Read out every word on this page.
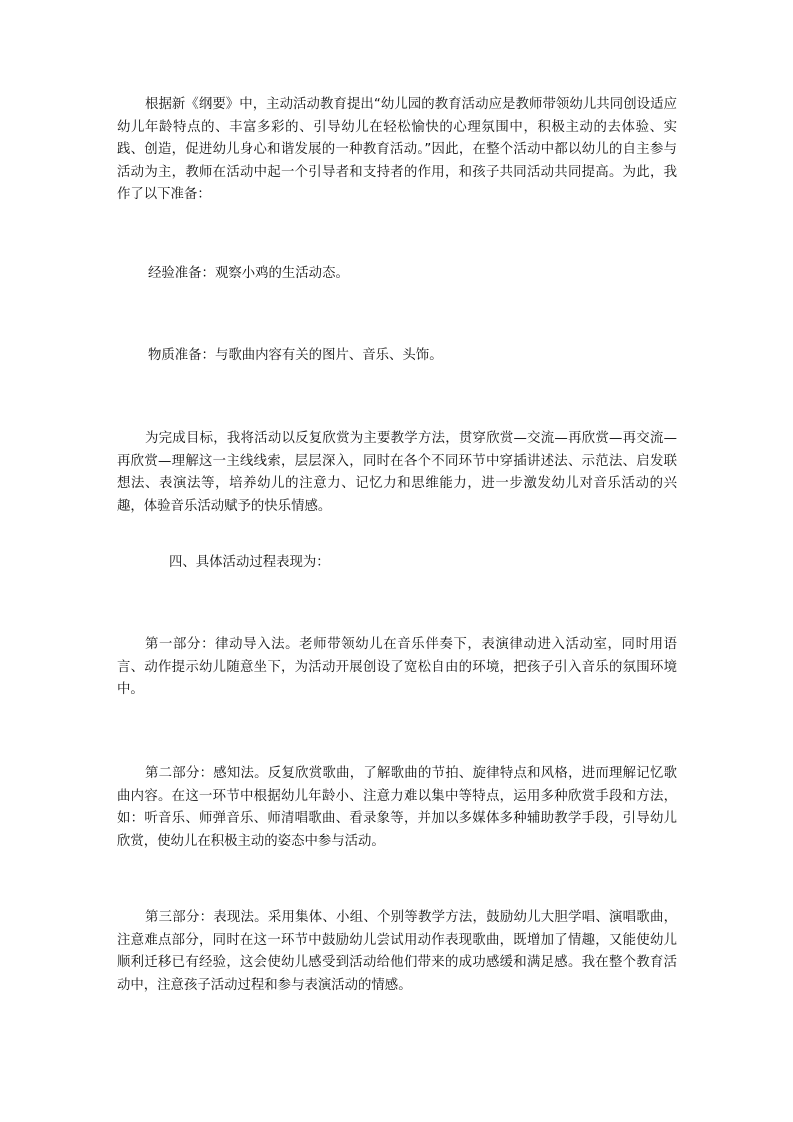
根据新《纲要》中，主动活动教育提出“幼儿园的教育活动应是教师带领幼儿共同创设适应幼儿年龄特点的、丰富多彩的、引导幼儿在轻松愉快的心理氛围中，积极主动的去体验、实践、创造，促进幼儿身心和谐发展的一种教育活动。”因此，在整个活动中都以幼儿的自主参与活动为主，教师在活动中起一个引导者和支持者的作用，和孩子共同活动共同提高。为此，我作了以下准备：

经验准备：观察小鸡的生活动态。

物质准备：与歌曲内容有关的图片、音乐、头饰。

为完成目标，我将活动以反复欣赏为主要教学方法，贯穿欣赏—交流—再欣赏—再交流—再欣赏—理解这一主线线索，层层深入，同时在各个不同环节中穿插讲述法、示范法、启发联想法、表演法等，培养幼儿的注意力、记忆力和思维能力，进一步激发幼儿对音乐活动的兴趣，体验音乐活动赋予的快乐情感。

四、具体活动过程表现为：

第一部分：律动导入法。老师带领幼儿在音乐伴奏下，表演律动进入活动室，同时用语言、动作提示幼儿随意坐下，为活动开展创设了宽松自由的环境，把孩子引入音乐的氛围环境中。

第二部分：感知法。反复欣赏歌曲，了解歌曲的节拍、旋律特点和风格，进而理解记忆歌曲内容。在这一环节中根据幼儿年龄小、注意力难以集中等特点，运用多种欣赏手段和方法，如：听音乐、师弹音乐、师清唱歌曲、看录象等，并加以多媒体多种辅助教学手段，引导幼儿欣赏，使幼儿在积极主动的姿态中参与活动。

第三部分：表现法。采用集体、小组、个别等教学方法，鼓励幼儿大胆学唱、演唱歌曲，注意难点部分，同时在这一环节中鼓励幼儿尝试用动作表现歌曲，既增加了情趣，又能使幼儿顺利迁移已有经验，这会使幼儿感受到活动给他们带来的成功感缓和满足感。我在整个教育活动中，注意孩子活动过程和参与表演活动的情感。
